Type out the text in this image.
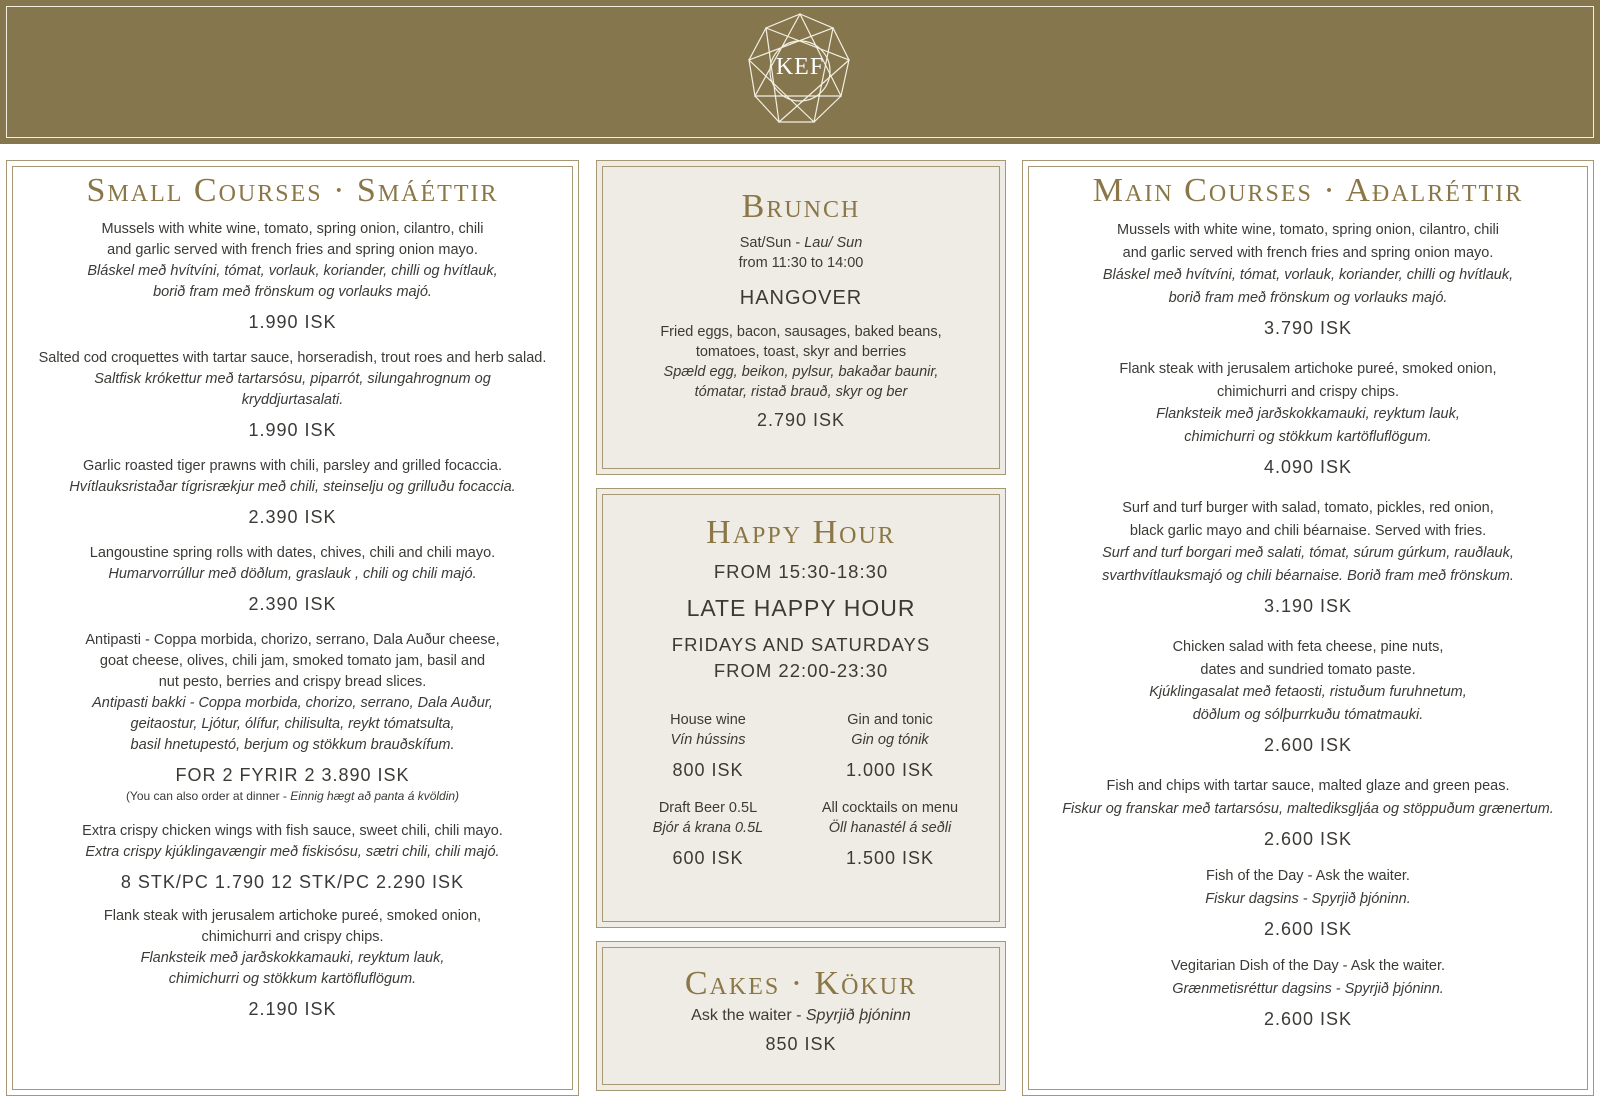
KEF
Small Courses · Smáéttir
Mussels with white wine, tomato, spring onion, cilantro, chili
and garlic served with french fries and spring onion mayo.
Bláskel með hvítvíni, tómat, vorlauk, koriander, chilli og hvítlauk,
borið fram með frönskum og vorlauks majó.
1.990 ISK
Salted cod croquettes with tartar sauce, horseradish, trout roes and herb salad.
Saltfisk krókettur með tartarsósu, piparrót, silungahrognum og
kryddjurtasalati.
1.990 ISK
Garlic roasted tiger prawns with chili, parsley and grilled focaccia.
Hvítlauksristaðar tígrisrækjur með chili, steinselju og grilluðu focaccia.
2.390 ISK
Langoustine spring rolls with dates, chives, chili and chili mayo.
Humarvorrúllur með döðlum, graslauk , chili og chili majó.
2.390 ISK
Antipasti - Coppa morbida, chorizo, serrano, Dala Auður cheese,
goat cheese, olives, chili jam, smoked tomato jam, basil and
nut pesto, berries and crispy bread slices.
Antipasti bakki - Coppa morbida, chorizo, serrano, Dala Auður,
geitaostur, Ljótur, ólífur, chilisulta, reykt tómatsulta,
basil hnetupestó, berjum og stökkum brauðskífum.
FOR 2 FYRIR 2 3.890 ISK
(You can also order at dinner - Einnig hægt að panta á kvöldin)
Extra crispy chicken wings with fish sauce, sweet chili, chili mayo.
Extra crispy kjúklingavængir með fiskisósu, sætri chili, chili majó.
8 STK/PC 1.790 12 STK/PC 2.290 ISK
Flank steak with jerusalem artichoke pureé, smoked onion,
chimichurri and crispy chips.
Flanksteik með jarðskokkamauki, reyktum lauk,
chimichurri og stökkum kartöfluflögum.
2.190 ISK
Brunch
Sat/Sun - Lau/ Sun
from 11:30 to 14:00
HANGOVER
Fried eggs, bacon, sausages, baked beans,
tomatoes, toast, skyr and berries
Spæld egg, beikon, pylsur, bakaðar baunir,
tómatar, ristað brauð, skyr og ber
2.790 ISK
Happy Hour
FROM 15:30-18:30
LATE HAPPY HOUR
FRIDAYS AND SATURDAYS
FROM 22:00-23:30
House wine
Vín hússins
800 ISK
Gin and tonic
Gin og tónik
1.000 ISK
Draft Beer 0.5L
Bjór á krana 0.5L
600 ISK
All cocktails on menu
Öll hanastél á seðli
1.500 ISK
Cakes · Kökur
Ask the waiter - Spyrjið þjóninn
850 ISK
Main Courses · Aðalréttir
Mussels with white wine, tomato, spring onion, cilantro, chili
and garlic served with french fries and spring onion mayo.
Bláskel með hvítvíni, tómat, vorlauk, koriander, chilli og hvítlauk,
borið fram með frönskum og vorlauks majó.
3.790 ISK
Flank steak with jerusalem artichoke pureé, smoked onion,
chimichurri and crispy chips.
Flanksteik með jarðskokkamauki, reyktum lauk,
chimichurri og stökkum kartöfluflögum.
4.090 ISK
Surf and turf burger with salad, tomato, pickles, red onion,
black garlic mayo and chili béarnaise. Served with fries.
Surf and turf borgari með salati, tómat, súrum gúrkum, rauðlauk,
svarthvítlauksmajó og chili béarnaise. Borið fram með frönskum.
3.190 ISK
Chicken salad with feta cheese, pine nuts,
dates and sundried tomato paste.
Kjúklingasalat með fetaosti, ristuðum furuhnetum,
döðlum og sólþurrkuðu tómatmauki.
2.600 ISK
Fish and chips with tartar sauce, malted glaze and green peas.
Fiskur og franskar með tartarsósu, maltediksgljáa og stöppuðum grænertum.
2.600 ISK
Fish of the Day - Ask the waiter.
Fiskur dagsins - Spyrjið þjóninn.
2.600 ISK
Vegitarian Dish of the Day - Ask the waiter.
Grænmetisréttur dagsins - Spyrjið þjóninn.
2.600 ISK
